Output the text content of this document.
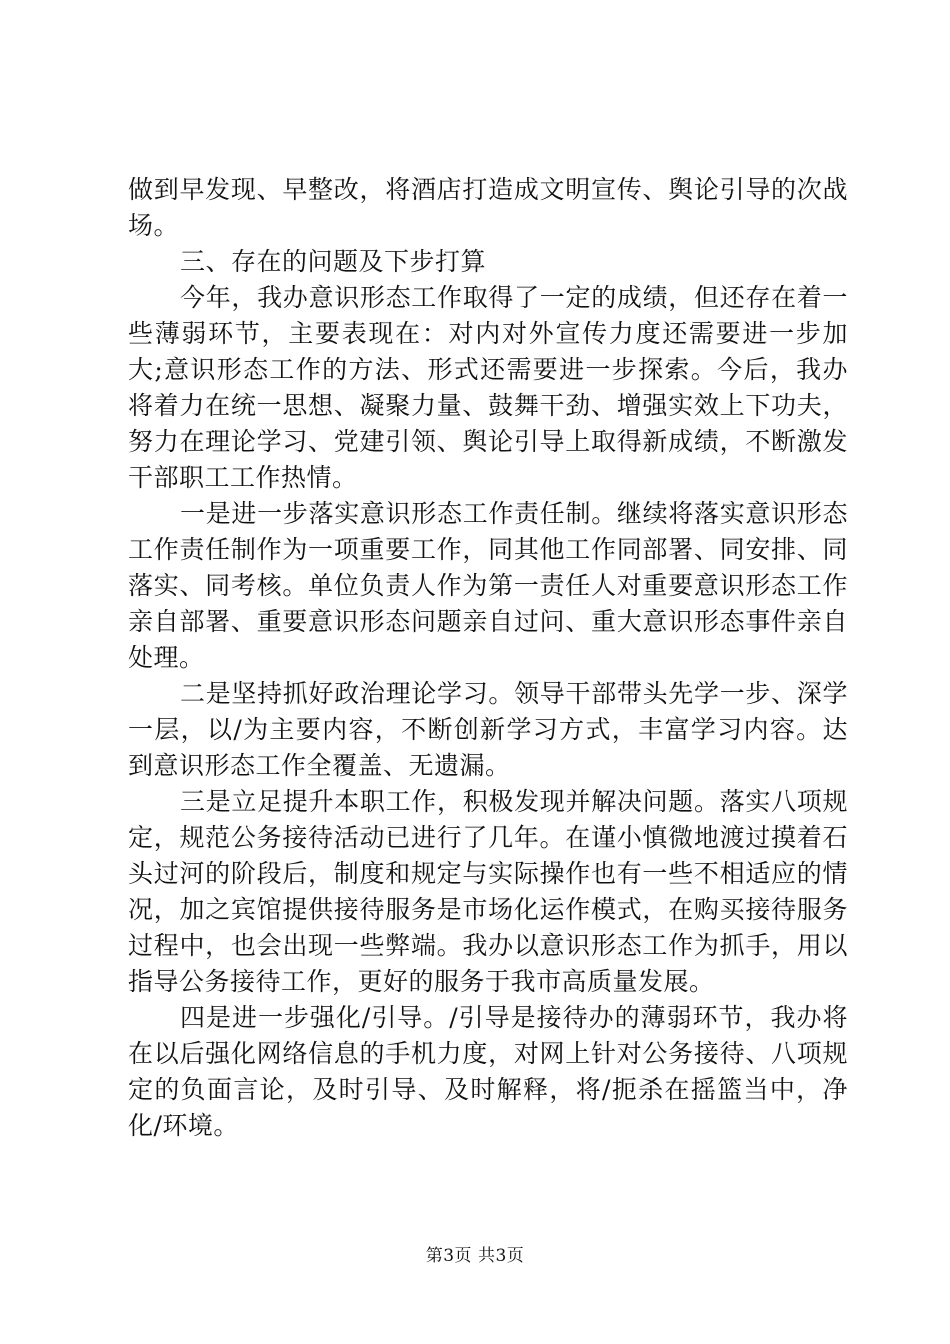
做到早发现、早整改，将酒店打造成文明宣传、舆论引导的次战场。

三、存在的问题及下步打算

今年，我办意识形态工作取得了一定的成绩，但还存在着一些薄弱环节，主要表现在：对内对外宣传力度还需要进一步加大;意识形态工作的方法、形式还需要进一步探索。今后，我办将着力在统一思想、凝聚力量、鼓舞干劲、增强实效上下功夫，努力在理论学习、党建引领、舆论引导上取得新成绩，不断激发干部职工工作热情。

一是进一步落实意识形态工作责任制。继续将落实意识形态工作责任制作为一项重要工作，同其他工作同部署、同安排、同落实、同考核。单位负责人作为第一责任人对重要意识形态工作亲自部署、重要意识形态问题亲自过问、重大意识形态事件亲自处理。

二是坚持抓好政治理论学习。领导干部带头先学一步、深学一层，以/为主要内容，不断创新学习方式，丰富学习内容。达到意识形态工作全覆盖、无遗漏。

三是立足提升本职工作，积极发现并解决问题。落实八项规定，规范公务接待活动已进行了几年。在谨小慎微地渡过摸着石头过河的阶段后，制度和规定与实际操作也有一些不相适应的情况，加之宾馆提供接待服务是市场化运作模式，在购买接待服务过程中，也会出现一些弊端。我办以意识形态工作为抓手，用以指导公务接待工作，更好的服务于我市高质量发展。

四是进一步强化/引导。/引导是接待办的薄弱环节，我办将在以后强化网络信息的手机力度，对网上针对公务接待、八项规定的负面言论，及时引导、及时解释，将/扼杀在摇篮当中，净化/环境。

第3页 共3页
